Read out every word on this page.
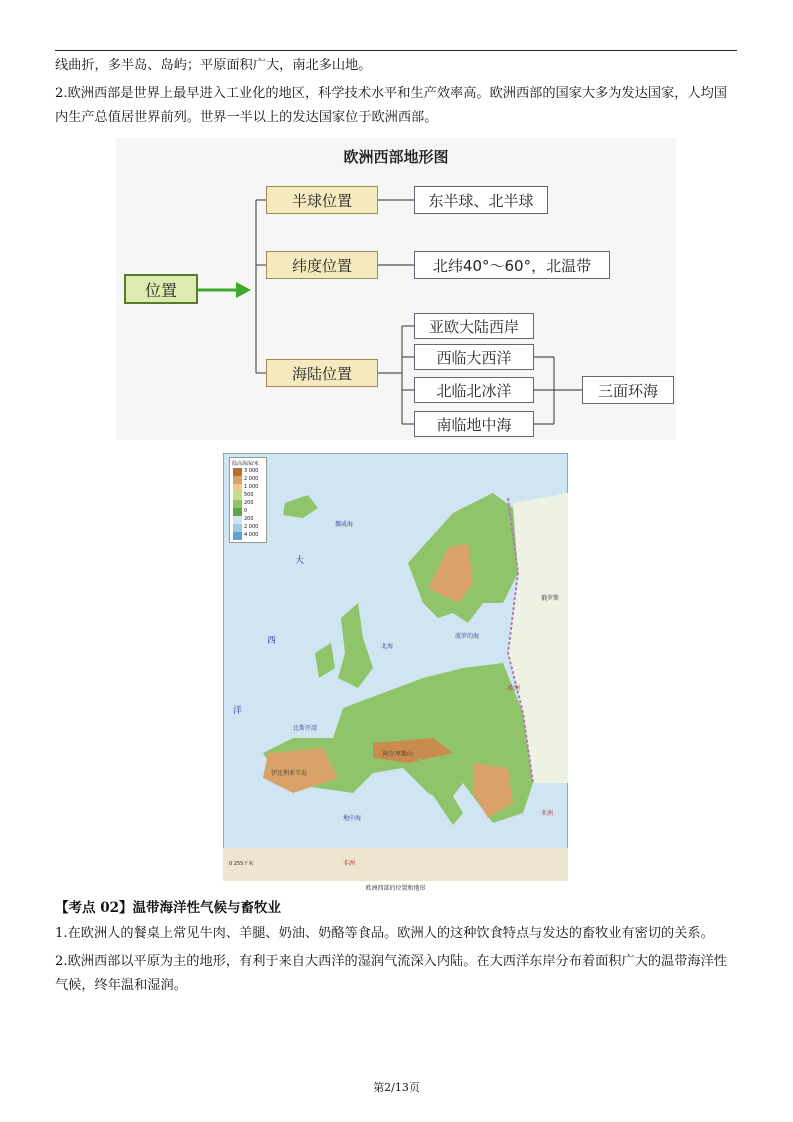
线曲折，多半岛、岛屿；平原面积广大，南北多山地。

2.欧洲西部是世界上最早进入工业化的地区，科学技术水平和生产效率高。欧洲西部的国家大多为发达国家，人均国内生产总值居世界前列。世界一半以上的发达国家位于欧洲西部。

欧洲西部地形图
位置
半球位置
纬度位置
海陆位置
东半球、北半球
北纬40°～60°，北温带
亚欧大陆西岸
西临大西洋
北临北冰洋
南临地中海
三面环海
陆高海深/米
3 000
2 000
1 000
500
200
0
200
2 000
4 000
挪威海
大
西
洋
北海
波罗的海
俄罗斯
欧洲
亚洲
地中海
非洲
伊比利亚半岛
比斯开湾
阿尔卑斯山
0 255千米
欧洲西部的位置和地形
【考点 02】温带海洋性气候与畜牧业

1.在欧洲人的餐桌上常见牛肉、羊腿、奶油、奶酪等食品。欧洲人的这种饮食特点与发达的畜牧业有密切的关系。

2.欧洲西部以平原为主的地形，有利于来自大西洋的湿润气流深入内陆。在大西洋东岸分布着面积广大的温带海洋性气候，终年温和湿润。

第2/13页
